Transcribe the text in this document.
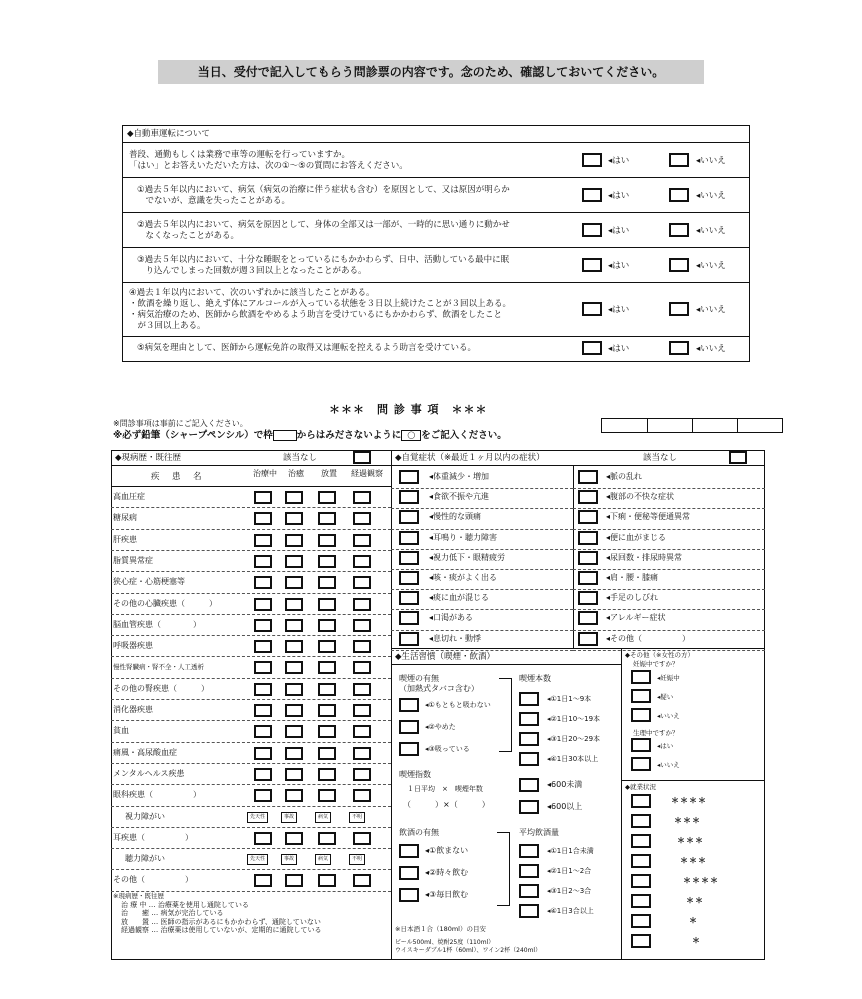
当日、受付で記入してもらう問診票の内容です。念のため、確認しておいてください。
◆自動車運転について
普段、通勤もしくは業務で車等の運転を行っていますか。
「はい」とお答えいただいた方は、次の①～⑤の質問にお答えください。	◂はい	◂いいえ
①過去５年以内において、病気（病気の治療に伴う症状も含む）を原因として、又は原因が明らか
　でないが、意識を失ったことがある。	◂はい	◂いいえ
②過去５年以内において、病気を原因として、身体の全部又は一部が、一時的に思い通りに動かせ
　なくなったことがある。	◂はい	◂いいえ
③過去５年以内において、十分な睡眠をとっているにもかかわらず、日中、活動している最中に眠
　り込んでしまった回数が週３回以上となったことがある。	◂はい	◂いいえ
④過去１年以内において、次のいずれかに該当したことがある。
・飲酒を繰り返し、絶えず体にアルコールが入っている状態を３日以上続けたことが３回以上ある。
・病気治療のため、医師から飲酒をやめるよう助言を受けているにもかかわらず、飲酒をしたこと
　が３回以上ある。
◂はい	◂いいえ
⑤病気を理由として、医師から運転免許の取得又は運転を控えるよう助言を受けている。	◂はい	◂いいえ
＊＊＊　問 診 事 項　＊＊＊
※問診事項は事前にご記入ください。
※必ず鉛筆（シャープペンシル）で枠	からはみださないように ◯ をご記入ください。
◆現病歴・既往歴	該当なし
疾　患　名	治療中	治癒	放置	経過観察
高血圧症
糖尿病
肝疾患
脂質異常症
狭心症・心筋梗塞等
その他の心臓疾患（　　　）
脳血管疾患（　　　　）
呼吸器疾患
慢性腎臓病・腎不全・人工透析
その他の腎疾患（　　　）
消化器疾患
貧血
痛風・高尿酸血症
メンタルヘルス疾患
眼科疾患（　　　　　）
視力障がい	先天性	事故	病気	不明
耳疾患（　　　　　）
聴力障がい	先天性	事故	病気	不明
その他（　　　　　）
※現病歴・既往歴
治 療 中 … 治療薬を使用し通院している
治　　癒 … 病気が完治している
放　　置 … 医師の指示があるにもかかわらず、通院していない
経過観察 … 治療薬は使用していないが、定期的に通院している
◆自覚症状（※最近１ヶ月以内の症状）	該当なし
◂体重減少・増加
◂食欲不振や亢進
◂慢性的な頭痛
◂耳鳴り・聴力障害
◂視力低下・眼精疲労
◂咳・痰がよく出る
◂痰に血が混じる
◂口渇がある
◂息切れ・動悸
◂脈の乱れ
◂腹部の不快な症状
◂下痢・便秘等便通異常
◂便に血がまじる
◂尿回数・排尿時異常
◂肩・腰・膝痛
◂手足のしびれ
◂アレルギー症状
◂その他（　　　　　）
◆生活習慣（喫煙・飲酒）
喫煙の有無
（加熱式タバコ含む）
◂①もともと吸わない
◂②やめた
◂③吸っている
喫煙本数
◂①1日1～9本
◂②1日10～19本
◂③1日20～29本
◂④1日30本以上
喫煙指数
１日平均　×　喫煙年数
（　　　）×（　　　）
◂600未満
◂600以上
飲酒の有無
◂①飲まない
◂②時々飲む
◂③毎日飲む
平均飲酒量
◂①1日1合未満
◂②1日1～2合
◂③1日2～3合
◂④1日3合以上
※日本酒１合（180ml）の目安
ビール500ml、焼酎25度（110ml）
ウイスキーダブル1杯（60ml）、ワイン2杯（240ml）
◆その他（※女性の方）
妊娠中ですか？
◂妊娠中
◂疑い
◂いいえ
生理中ですか？
◂はい
◂いいえ
◆就業状況
＊＊＊＊
＊＊＊
＊＊＊
＊＊＊
＊＊＊＊
＊＊
＊
＊
